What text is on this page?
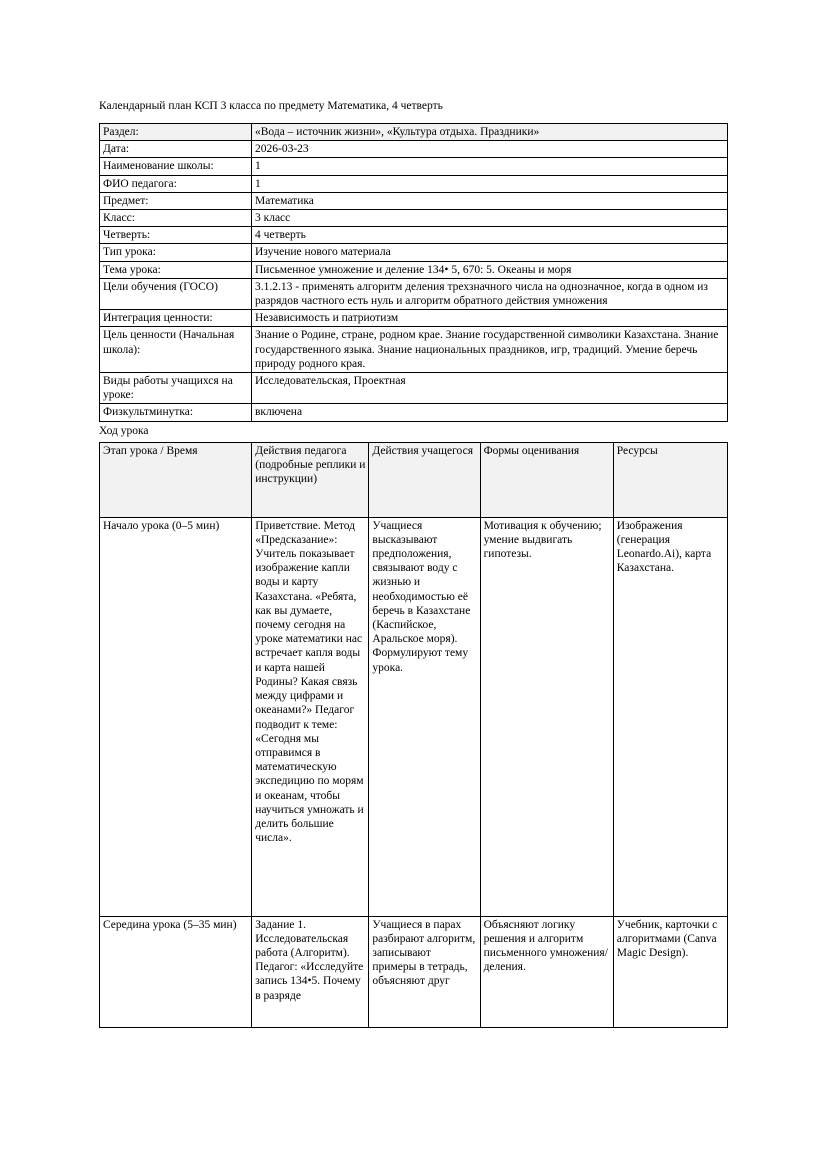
Календарный план КСП 3 класса по предмету Математика, 4 четверть

Раздел:	«Вода – источник жизни», «Культура отдыха. Праздники»
Дата:	2026-03-23
Наименование школы:	1
ФИО педагога:	1
Предмет:	Математика
Класс:	3 класс
Четверть:	4 четверть
Тип урока:	Изучение нового материала
Тема урока:	Письменное умножение и деление 134• 5, 670: 5. Океаны и моря
Цели обучения (ГОСО)	3.1.2.13 - применять алгоритм деления трехзначного числа на однозначное, когда в одном из разрядов частного есть нуль и алгоритм обратного действия умножения
Интеграция ценности:	Независимость и патриотизм
Цель ценности (Начальная школа):	Знание о Родине, стране, родном крае. Знание государственной символики Казахстана. Знание государственного языка. Знание национальных праздников, игр, традиций. Умение беречь природу родного края.
Виды работы учащихся на уроке:	Исследовательская, Проектная
Физкультминутка:	включена

Ход урока

Этап урока / Время	Действия педагога (подробные реплики и инструкции)	Действия учащегося	Формы оценивания	Ресурсы
Начало урока (0–5 мин)	Приветствие. Метод «Предсказание»: Учитель показывает изображение капли воды и карту Казахстана. «Ребята, как вы думаете, почему сегодня на уроке математики нас встречает капля воды и карта нашей Родины? Какая связь между цифрами и океанами?» Педагог подводит к теме: «Сегодня мы отправимся в математическую экспедицию по морям и океанам, чтобы научиться умножать и делить большие числа».	Учащиеся высказывают предположения, связывают воду с жизнью и необходимостью её беречь в Казахстане (Каспийское, Аральское моря). Формулируют тему урока.	Мотивация к обучению; умение выдвигать гипотезы.	Изображения (генерация Leonardo.Ai), карта Казахстана.
Середина урока (5–35 мин)	Задание 1. Исследовательская работа (Алгоритм). Педагог: «Исследуйте запись 134•5. Почему в разряде	Учащиеся в парах разбирают алгоритм, записывают примеры в тетрадь, объясняют друг	Объясняют логику решения и алгоритм письменного умножения/деления.	Учебник, карточки с алгоритмами (Canva Magic Design).
